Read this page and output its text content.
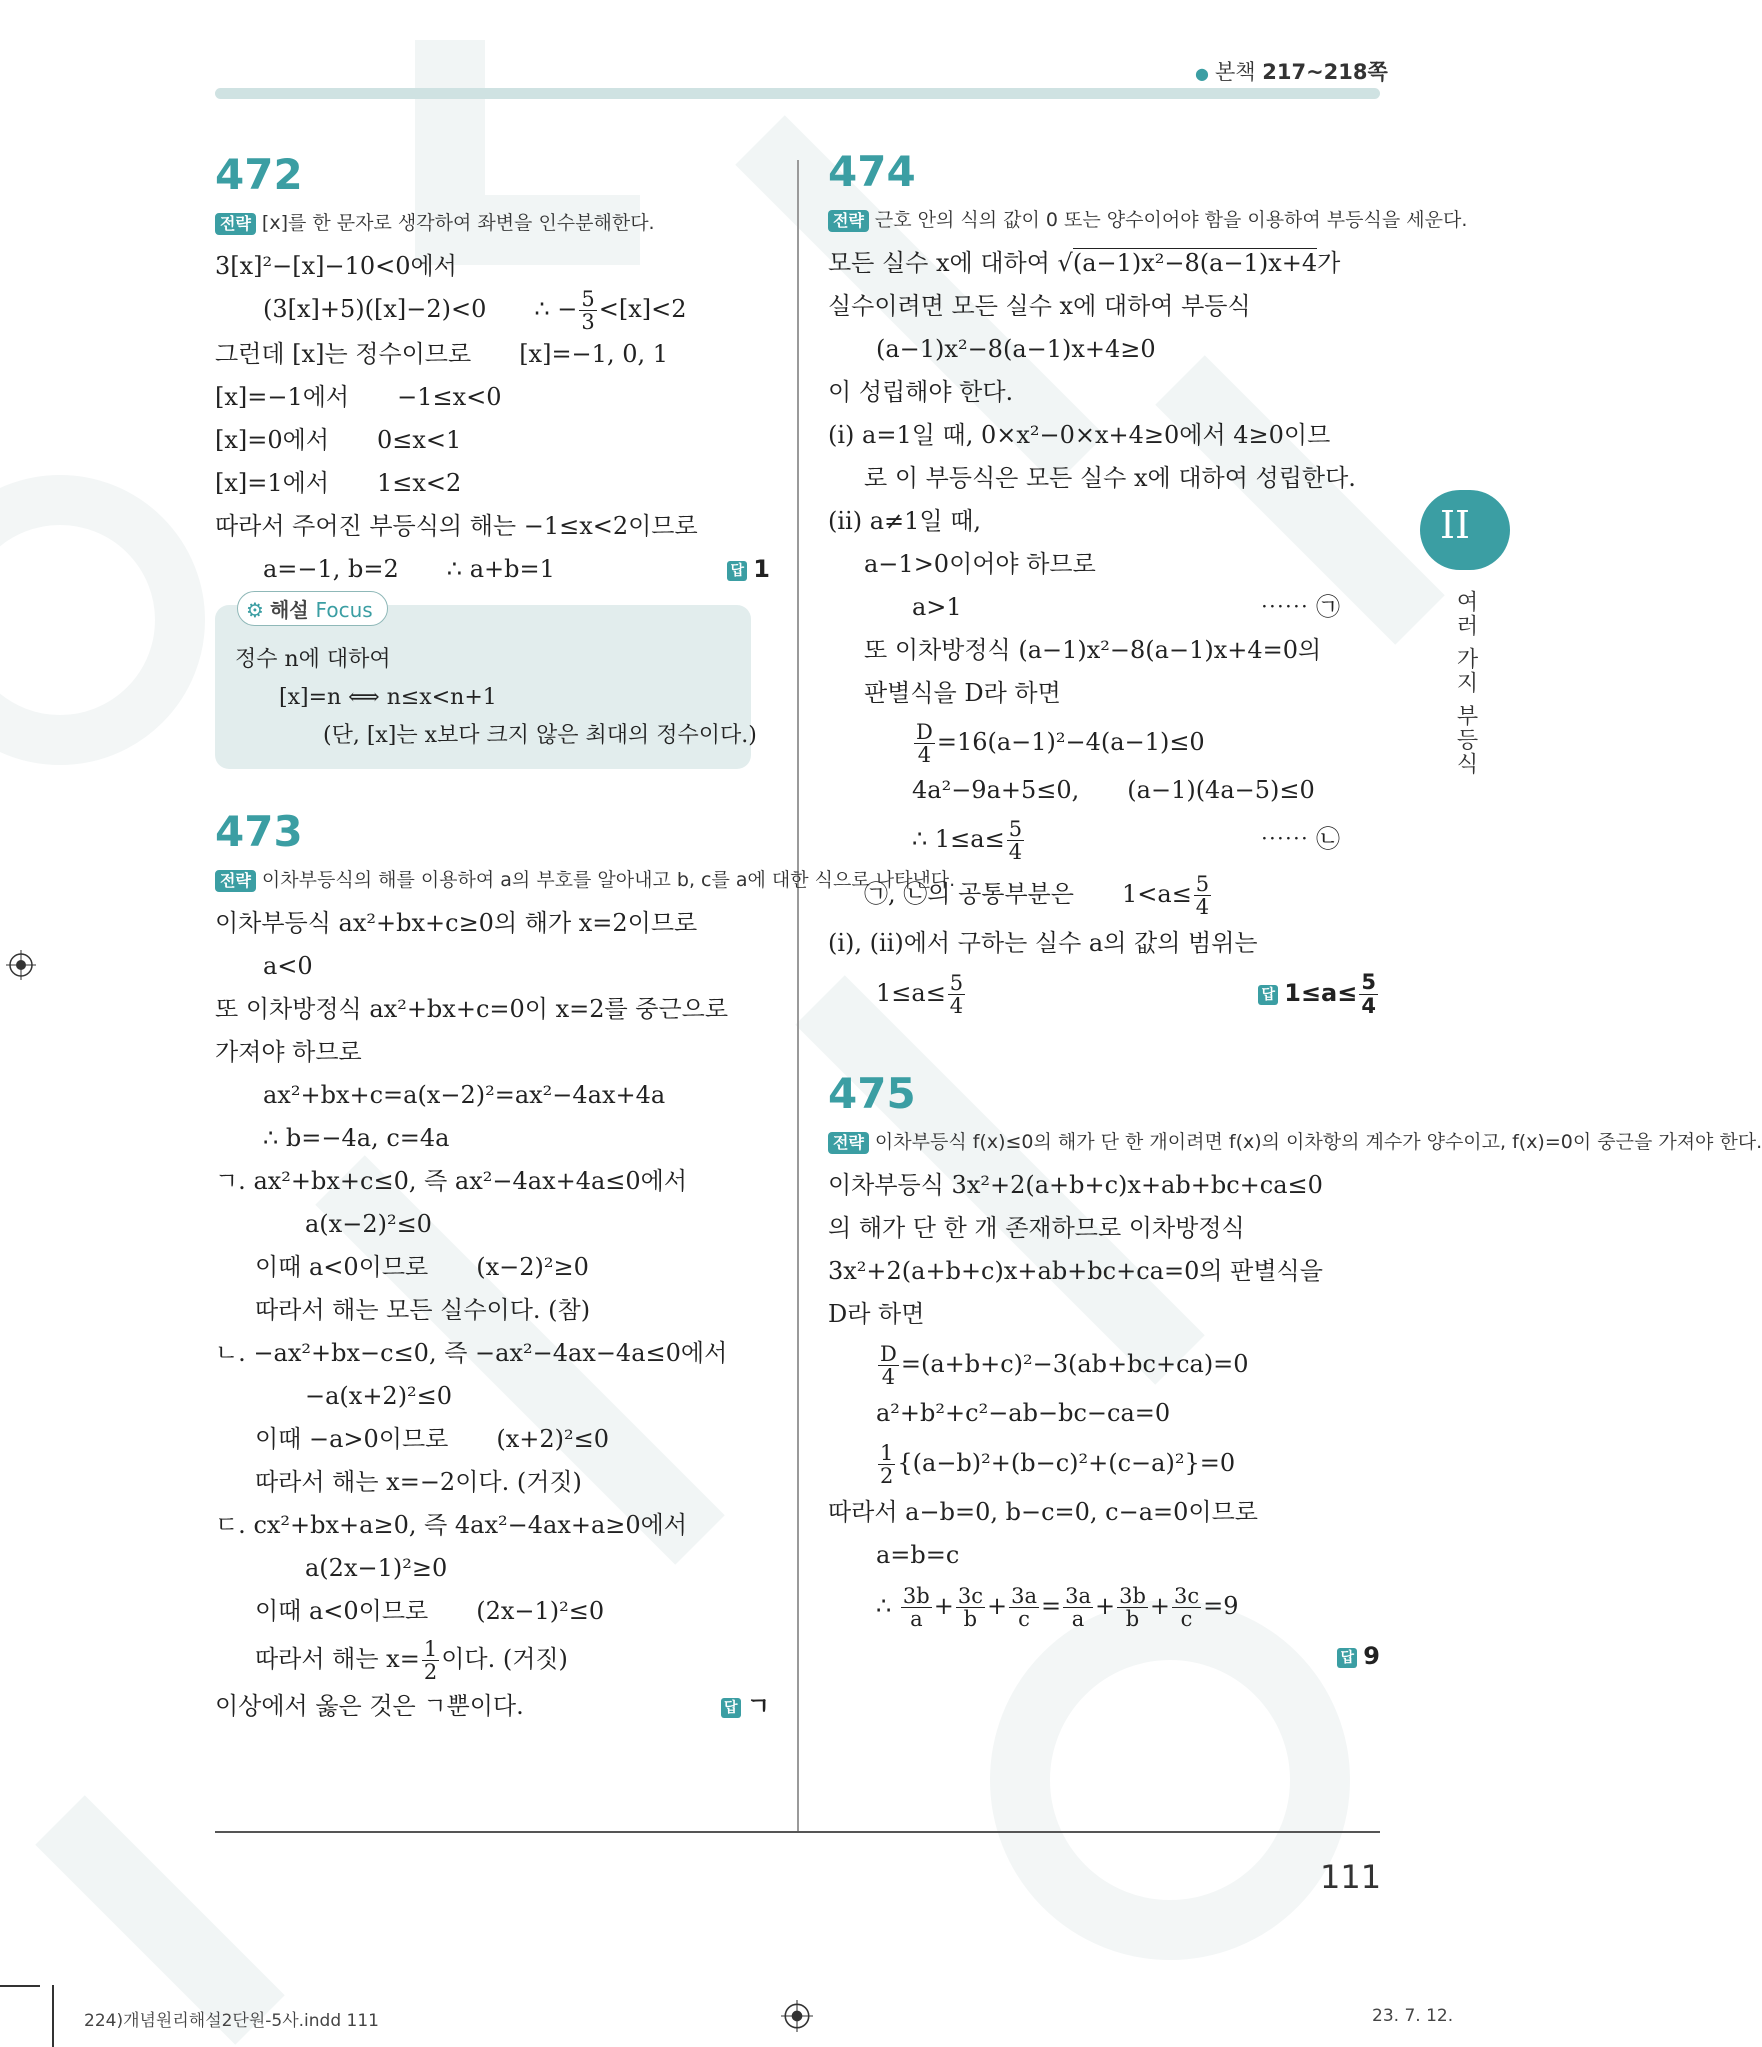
● 본책 217~218쪽
II
여러 가지 부등식
472

전략 [x]를 한 문자로 생각하여 좌변을 인수분해한다.

3[x]²−[x]−10<0에서

(3[x]+5)([x]−2)<0 ∴ − $\frac{5}{3} <[x]<2$

그런데 [x]는 정수이므로 [x]=−1, 0, 1

[x]=−1에서 −1≤x<0

[x]=0에서 0≤x<1

[x]=1에서 1≤x<2

따라서 주어진 부등식의 해는 −1≤x<2이므로

a=−1, b=2 ∴ a+b=1	답 1

⚙ 해설 Focus

정수 n에 대하여

[x]=n ⟺ n≤x<n+1

(단, [x]는 x보다 크지 않은 최대의 정수이다.)

473

전략 이차부등식의 해를 이용하여 a의 부호를 알아내고 b, c를 a에 대한 식으로 나타낸다.

이차부등식 ax²+bx+c≥0의 해가 x=2이므로

a<0

또 이차방정식 ax²+bx+c=0이 x=2를 중근으로

가져야 하므로

ax²+bx+c=a(x−2)²=ax²−4ax+4a

∴ b=−4a, c=4a

ㄱ. ax²+bx+c≤0, 즉 ax²−4ax+4a≤0에서

a(x−2)²≤0

이때 a<0이므로 (x−2)²≥0

따라서 해는 모든 실수이다. (참)

ㄴ. −ax²+bx−c≤0, 즉 −ax²−4ax−4a≤0에서

−a(x+2)²≤0

이때 −a>0이므로 (x+2)²≤0

따라서 해는 x=−2이다. (거짓)

ㄷ. cx²+bx+a≥0, 즉 4ax²−4ax+a≥0에서

a(2x−1)²≥0

이때 a<0이므로 (2x−1)²≤0

따라서 해는 $x= \frac{1}{2}$ 이다. (거짓)

이상에서 옳은 것은 ㄱ뿐이다.	답 ㄱ

474

전략 근호 안의 식의 값이 0 또는 양수이어야 함을 이용하여 부등식을 세운다.

모든 실수 x에 대하여 √(a−1)x²−8(a−1)x+4가

실수이려면 모든 실수 x에 대하여 부등식

(a−1)x²−8(a−1)x+4≥0

이 성립해야 한다.

(ⅰ) a=1일 때, 0×x²−0×x+4≥0에서 4≥0이므

로 이 부등식은 모든 실수 x에 대하여 성립한다.

(ⅱ) a≠1일 때,

a−1>0이어야 하므로

a>1	⋯⋯ ㉠

또 이차방정식 (a−1)x²−8(a−1)x+4=0의

판별식을 D라 하면

$\frac{D}{4} =16(a-1)^2-4(a-1)\le 0$

4a²−9a+5≤0, (a−1)(4a−5)≤0

∴ $1\le a\le \frac{5}{4}$	⋯⋯ ㉡

㉠, ㉡의 공통부분은 $1<a\le \frac{5}{4}$

(ⅰ), (ⅱ)에서 구하는 실수 a의 값의 범위는

$1\le a\le \frac{5}{4}$	답 $1\le a\le \frac{5}{4}$

475

전략 이차부등식 f(x)≤0의 해가 단 한 개이려면 f(x)의 이차항의 계수가 양수이고, f(x)=0이 중근을 가져야 한다.

이차부등식 3x²+2(a+b+c)x+ab+bc+ca≤0

의 해가 단 한 개 존재하므로 이차방정식

3x²+2(a+b+c)x+ab+bc+ca=0의 판별식을

D라 하면

$\frac{D}{4} =(a+b+c)^2-3(ab+bc+ca)=0$

a²+b²+c²−ab−bc−ca=0

$\frac{1}{2} \{(a-b)^2+(b-c)^2+(c-a)^2\}=0$

따라서 a−b=0, b−c=0, c−a=0이므로

a=b=c

∴ $\frac{3b}{a} + \frac{3c}{b} + \frac{3a}{c} = \frac{3a}{a} + \frac{3b}{b} + \frac{3c}{c} =9$

답 9

111
224)개념원리해설2단원-5사.indd 111	23. 7. 12.
